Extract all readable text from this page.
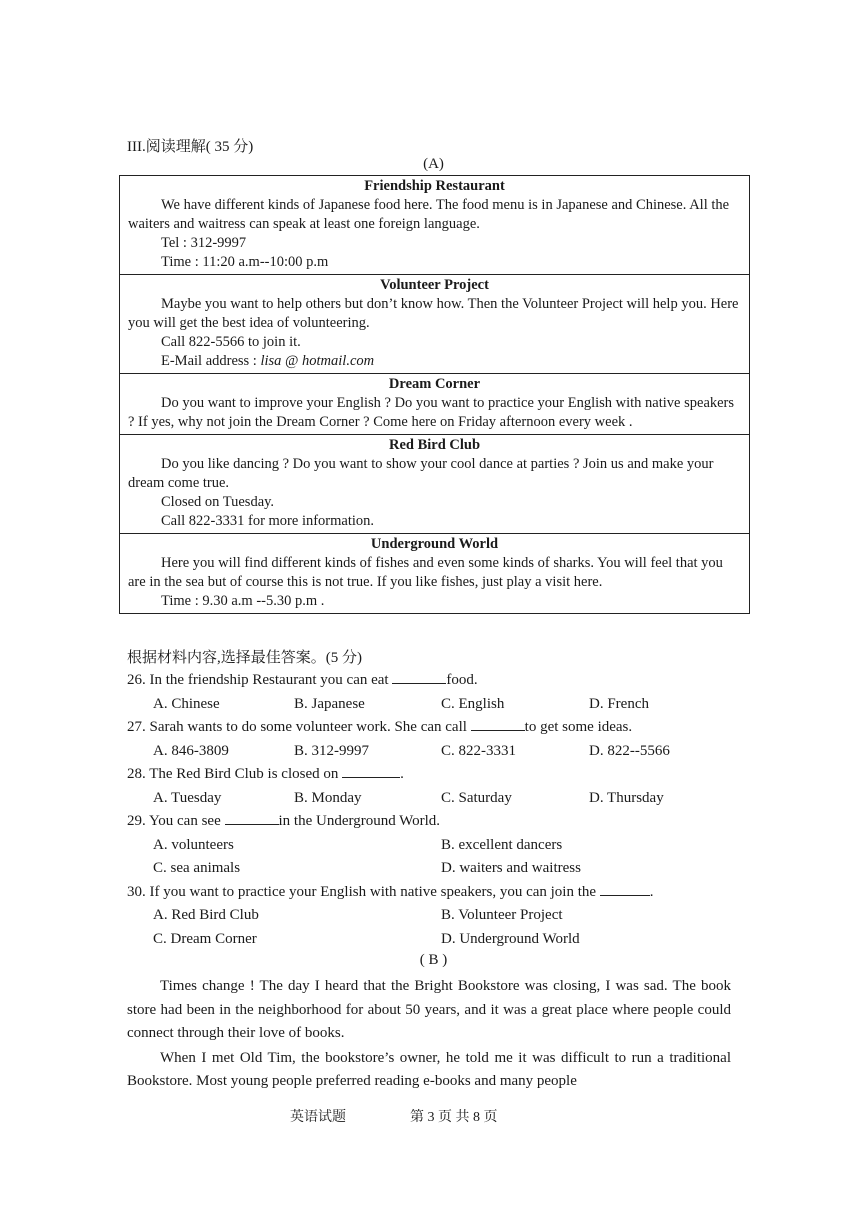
III.阅读理解( 35 分)
(A)
Friendship Restaurant

We have different kinds of Japanese food here. The food menu is in Japanese and Chinese. All the waiters and waitress can speak at least one foreign language.

Tel : 312-9997

Time : 11:20 a.m--10:00 p.m

Volunteer Project

Maybe you want to help others but don’t know how. Then the Volunteer Project will help you. Here you will get the best idea of volunteering.

Call 822-5566 to join it.

E-Mail address : lisa @ hotmail.com

Dream Corner

Do you want to improve your English ? Do you want to practice your English with native speakers ? If yes, why not join the Dream Corner ? Come here on Friday afternoon every week .

Red Bird Club

Do you like dancing ? Do you want to show your cool dance at parties ? Join us and make your dream come true.

Closed on Tuesday.

Call 822-3331 for more information.

Underground World

Here you will find different kinds of fishes and even some kinds of sharks. You will feel that you are in the sea but of course this is not true. If you like fishes, just play a visit here.

Time : 9.30 a.m --5.30 p.m .

根据材料内容,选择最佳答案。(5 分)
26. In the friendship Restaurant you can eat	food.
A. Chinese	B. Japanese	C. English	D. French
27. Sarah wants to do some volunteer work. She can call	to get some ideas.
A. 846-3809	B. 312-9997	C. 822-3331	D. 822--5566
28. The Red Bird Club is closed on	.
A. Tuesday	B. Monday	C. Saturday	D. Thursday
29. You can see	in the Underground World.
A. volunteers	B. excellent dancers
C. sea animals	D. waiters and waitress
30. If you want to practice your English with native speakers, you can join the	.
A. Red Bird Club	B. Volunteer Project
C. Dream Corner	D. Underground World
( B )

Times change ! The day I heard that the Bright Bookstore was closing, I was sad. The book store had been in the neighborhood for about 50 years, and it was a great place where people could connect through their love of books.

When I met Old Tim, the bookstore’s owner, he told me it was difficult to run a traditional Bookstore. Most young people preferred reading e-books and many people

英语试题	第 3 页 共 8 页
